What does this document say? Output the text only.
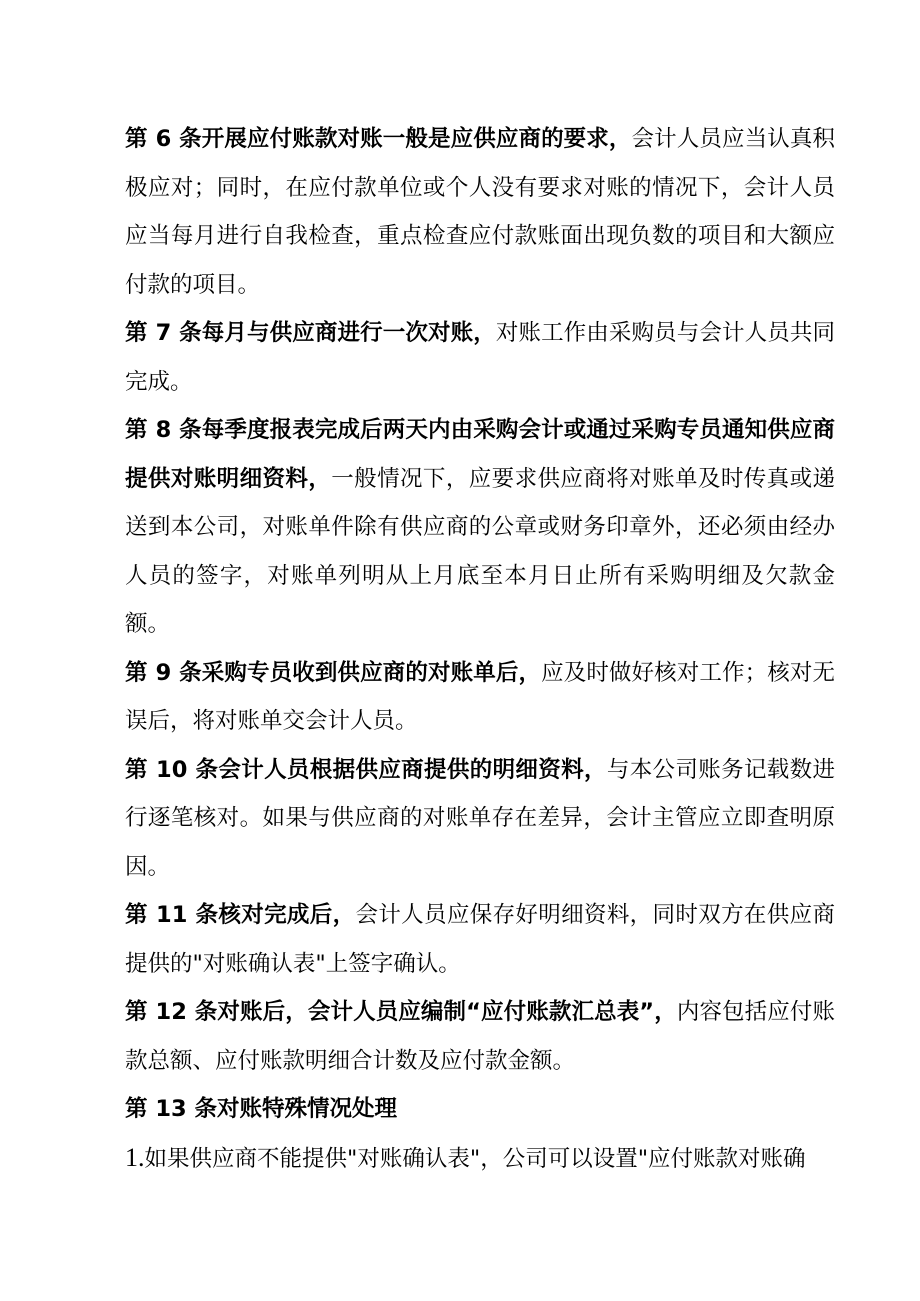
第 6 条开展应付账款对账一般是应供应商的要求，会计人员应当认真积极应对；同时，在应付款单位或个人没有要求对账的情况下，会计人员应当每月进行自我检查，重点检查应付款账面出现负数的项目和大额应付款的项目。

第 7 条每月与供应商进行一次对账，对账工作由采购员与会计人员共同完成。

第 8 条每季度报表完成后两天内由采购会计或通过采购专员通知供应商提供对账明细资料，一般情况下，应要求供应商将对账单及时传真或递送到本公司，对账单件除有供应商的公章或财务印章外，还必须由经办人员的签字，对账单列明从上月底至本月日止所有采购明细及欠款金额。

第 9 条采购专员收到供应商的对账单后，应及时做好核对工作；核对无误后，将对账单交会计人员。

第 10 条会计人员根据供应商提供的明细资料，与本公司账务记载数进行逐笔核对。如果与供应商的对账单存在差异，会计主管应立即查明原因。

第 11 条核对完成后，会计人员应保存好明细资料，同时双方在供应商提供的"对账确认表"上签字确认。

第 12 条对账后，会计人员应编制“应付账款汇总表”，内容包括应付账款总额、应付账款明细合计数及应付款金额。

第 13 条对账特殊情况处理

1.如果供应商不能提供"对账确认表"，公司可以设置"应付账款对账确
